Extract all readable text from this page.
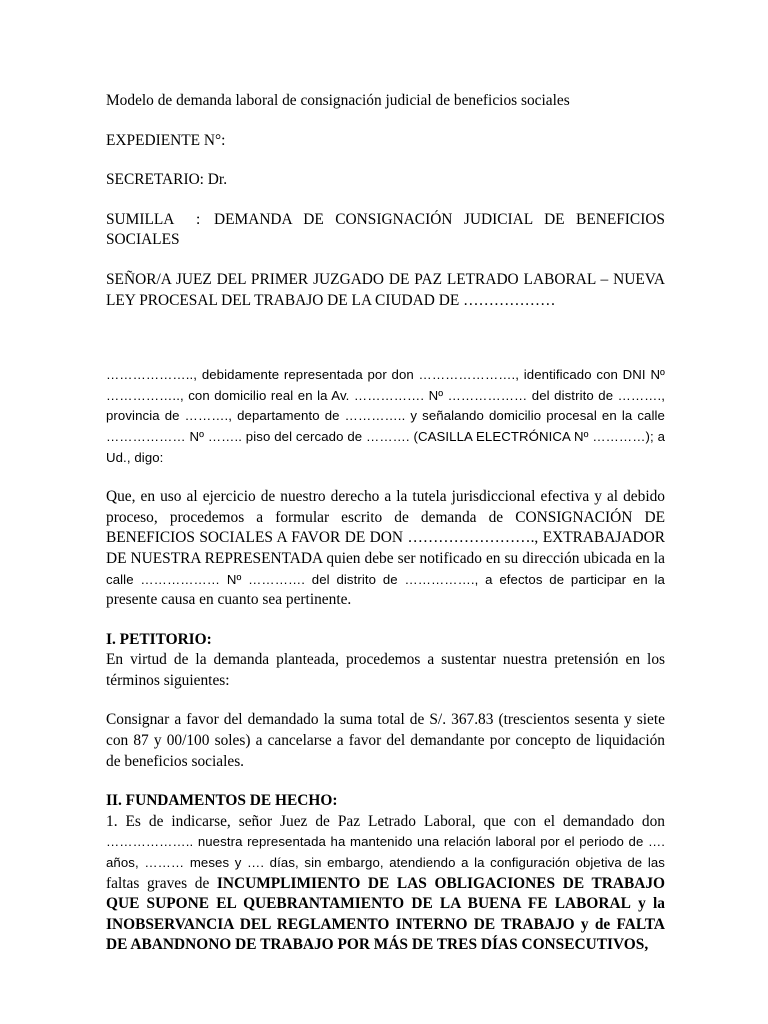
Modelo de demanda laboral de consignación judicial de beneficios sociales

EXPEDIENTE N°:

SECRETARIO: Dr.

SUMILLA : DEMANDA DE CONSIGNACIÓN JUDICIAL DE BENEFICIOS SOCIALES

SEÑOR/A JUEZ DEL PRIMER JUZGADO DE PAZ LETRADO LABORAL – NUEVA LEY PROCESAL DEL TRABAJO DE LA CIUDAD DE ………………

……………….., debidamente representada por don …………………., identificado con DNI Nº …………….., con domicilio real en la Av. ……………. Nº ……………… del distrito de ………., provincia de ………., departamento de ………….. y señalando domicilio procesal en la calle ……………… Nº …….. piso del cercado de ………. (CASILLA ELECTRÓNICA Nº …………); a Ud., digo:

Que, en uso al ejercicio de nuestro derecho a la tutela jurisdiccional efectiva y al debido proceso, procedemos a formular escrito de demanda de CONSIGNACIÓN DE BENEFICIOS SOCIALES A FAVOR DE DON ……………………., EXTRABAJADOR DE NUESTRA REPRESENTADA quien debe ser notificado en su dirección ubicada en la calle ……………… Nº …………. del distrito de ……………., a efectos de participar en la presente causa en cuanto sea pertinente.

I. PETITORIO:

En virtud de la demanda planteada, procedemos a sustentar nuestra pretensión en los términos siguientes:

Consignar a favor del demandado la suma total de S/. 367.83 (trescientos sesenta y siete con 87 y 00/100 soles) a cancelarse a favor del demandante por concepto de liquidación de beneficios sociales.

II. FUNDAMENTOS DE HECHO:

1. Es de indicarse, señor Juez de Paz Letrado Laboral, que con el demandado don ……………….. nuestra representada ha mantenido una relación laboral por el periodo de …. años, ……… meses y …. días, sin embargo, atendiendo a la configuración objetiva de las faltas graves de INCUMPLIMIENTO DE LAS OBLIGACIONES DE TRABAJO QUE SUPONE EL QUEBRANTAMIENTO DE LA BUENA FE LABORAL y la INOBSERVANCIA DEL REGLAMENTO INTERNO DE TRABAJO y de FALTA DE ABANDNONO DE TRABAJO POR MÁS DE TRES DÍAS CONSECUTIVOS,
